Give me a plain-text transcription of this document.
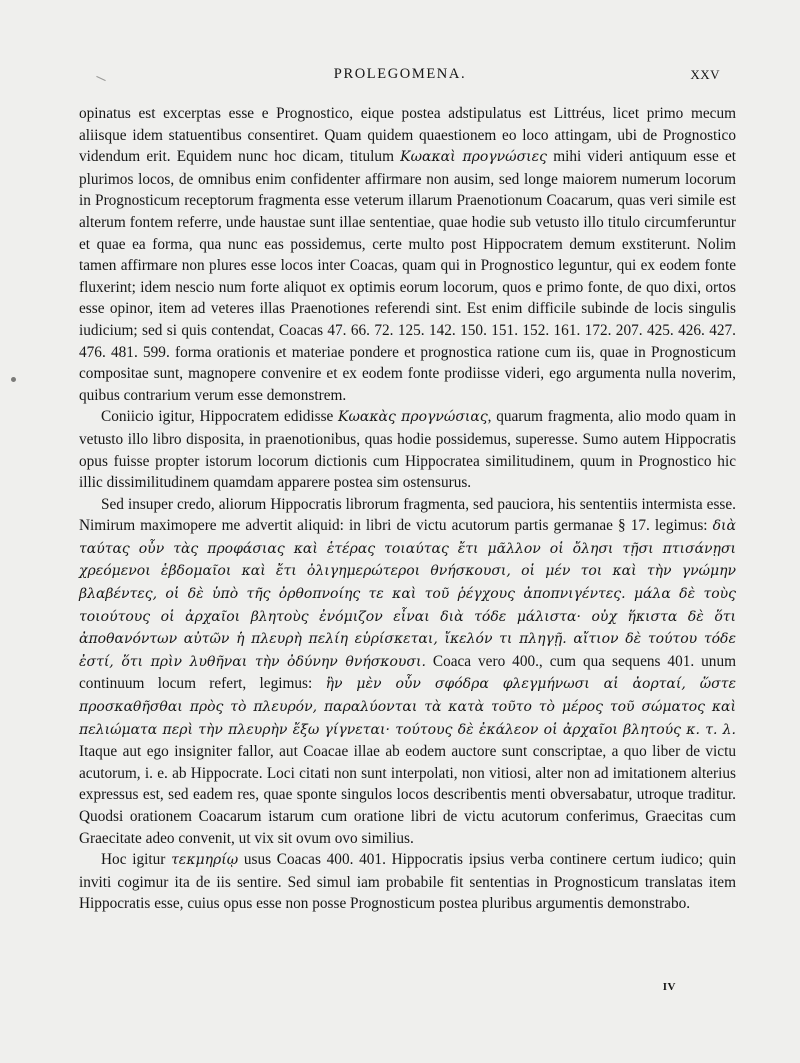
PROLEGOMENA.	XXV

opinatus est excerptas esse e Prognostico, eique postea adstipulatus est Littréus, licet primo mecum aliisque idem statuentibus consentiret. Quam quidem quaestionem eo loco attingam, ubi de Prognostico videndum erit. Equidem nunc hoc dicam, titulum Κωακαὶ προγνώσιες mihi videri antiquum esse et plurimos locos, de omnibus enim confidenter affirmare non ausim, sed longe maiorem numerum locorum in Prognosticum receptorum fragmenta esse veterum illarum Praenotionum Coacarum, quas veri simile est alterum fontem referre, unde haustae sunt illae sententiae, quae hodie sub vetusto illo titulo circumferuntur et quae ea forma, qua nunc eas possidemus, certe multo post Hippocratem demum exstiterunt. Nolim tamen affirmare non plures esse locos inter Coacas, quam qui in Prognostico leguntur, qui ex eodem fonte fluxerint; idem nescio num forte aliquot ex optimis eorum locorum, quos e primo fonte, de quo dixi, ortos esse opinor, item ad veteres illas Praenotiones referendi sint. Est enim difficile subinde de locis singulis iudicium; sed si quis contendat, Coacas 47. 66. 72. 125. 142. 150. 151. 152. 161. 172. 207. 425. 426. 427. 476. 481. 599. forma orationis et materiae pondere et prognostica ratione cum iis, quae in Prognosticum compositae sunt, magnopere convenire et ex eodem fonte prodiisse videri, ego argumenta nulla noverim, quibus contrarium verum esse demonstrem.

Coniicio igitur, Hippocratem edidisse Κωακὰς προγνώσιας, quarum fragmenta, alio modo quam in vetusto illo libro disposita, in praenotionibus, quas hodie possidemus, superesse. Sumo autem Hippocratis opus fuisse propter istorum locorum dictionis cum Hippocratea similitudinem, quum in Prognostico hic illic dissimilitudinem quamdam apparere postea sim ostensurus.

Sed insuper credo, aliorum Hippocratis librorum fragmenta, sed pauciora, his sententiis intermista esse. Nimirum maximopere me advertit aliquid: in libri de victu acutorum partis germanae § 17. legimus: διὰ ταύτας οὖν τὰς προφάσιας καὶ ἑτέρας τοιαύτας ἔτι μᾶλλον οἱ ὄλησι τῇσι πτισάνῃσι χρεόμενοι ἑβδομαῖοι καὶ ἔτι ὀλιγημερώτεροι θνήσκουσι, οἱ μέν τοι καὶ τὴν γνώμην βλαβέντες, οἱ δὲ ὑπὸ τῆς ὀρθοπνοίης τε καὶ τοῦ ῥέγχους ἀποπνιγέντες. μάλα δὲ τοὺς τοιούτους οἱ ἀρχαῖοι βλητοὺς ἐνόμιζον εἶναι διὰ τόδε μάλιστα· οὐχ ἥκιστα δὲ ὅτι ἀποθανόντων αὐτῶν ἡ πλευρὴ πελίη εὑρίσκεται, ἴκελόν τι πληγῇ. αἴτιον δὲ τούτου τόδε ἐστί, ὅτι πρὶν λυθῆναι τὴν ὀδύνην θνήσκουσι. Coaca vero 400., cum qua sequens 401. unum continuum locum refert, legimus: ἢν μὲν οὖν σφόδρα φλεγμήνωσι αἱ ἀορταί, ὥστε προσκαθῆσθαι πρὸς τὸ πλευρόν, παραλύονται τὰ κατὰ τοῦτο τὸ μέρος τοῦ σώματος καὶ πελιώματα περὶ τὴν πλευρὴν ἔξω γίγνεται· τούτους δὲ ἐκάλεον οἱ ἀρχαῖοι βλητούς κ. τ. λ. Itaque aut ego insigniter fallor, aut Coacae illae ab eodem auctore sunt conscriptae, a quo liber de victu acutorum, i. e. ab Hippocrate. Loci citati non sunt interpolati, non vitiosi, alter non ad imitationem alterius expressus est, sed eadem res, quae sponte singulos locos describentis menti obversabatur, utroque traditur. Quodsi orationem Coacarum istarum cum oratione libri de victu acutorum conferimus, Graecitas cum Graecitate adeo convenit, ut vix sit ovum ovo similius.

Hoc igitur τεκμηρίῳ usus Coacas 400. 401. Hippocratis ipsius verba continere certum iudico; quin inviti cogimur ita de iis sentire. Sed simul iam probabile fit sententias in Prognosticum translatas item Hippocratis esse, cuius opus esse non posse Prognosticum postea pluribus argumentis demonstrabo.

IV
